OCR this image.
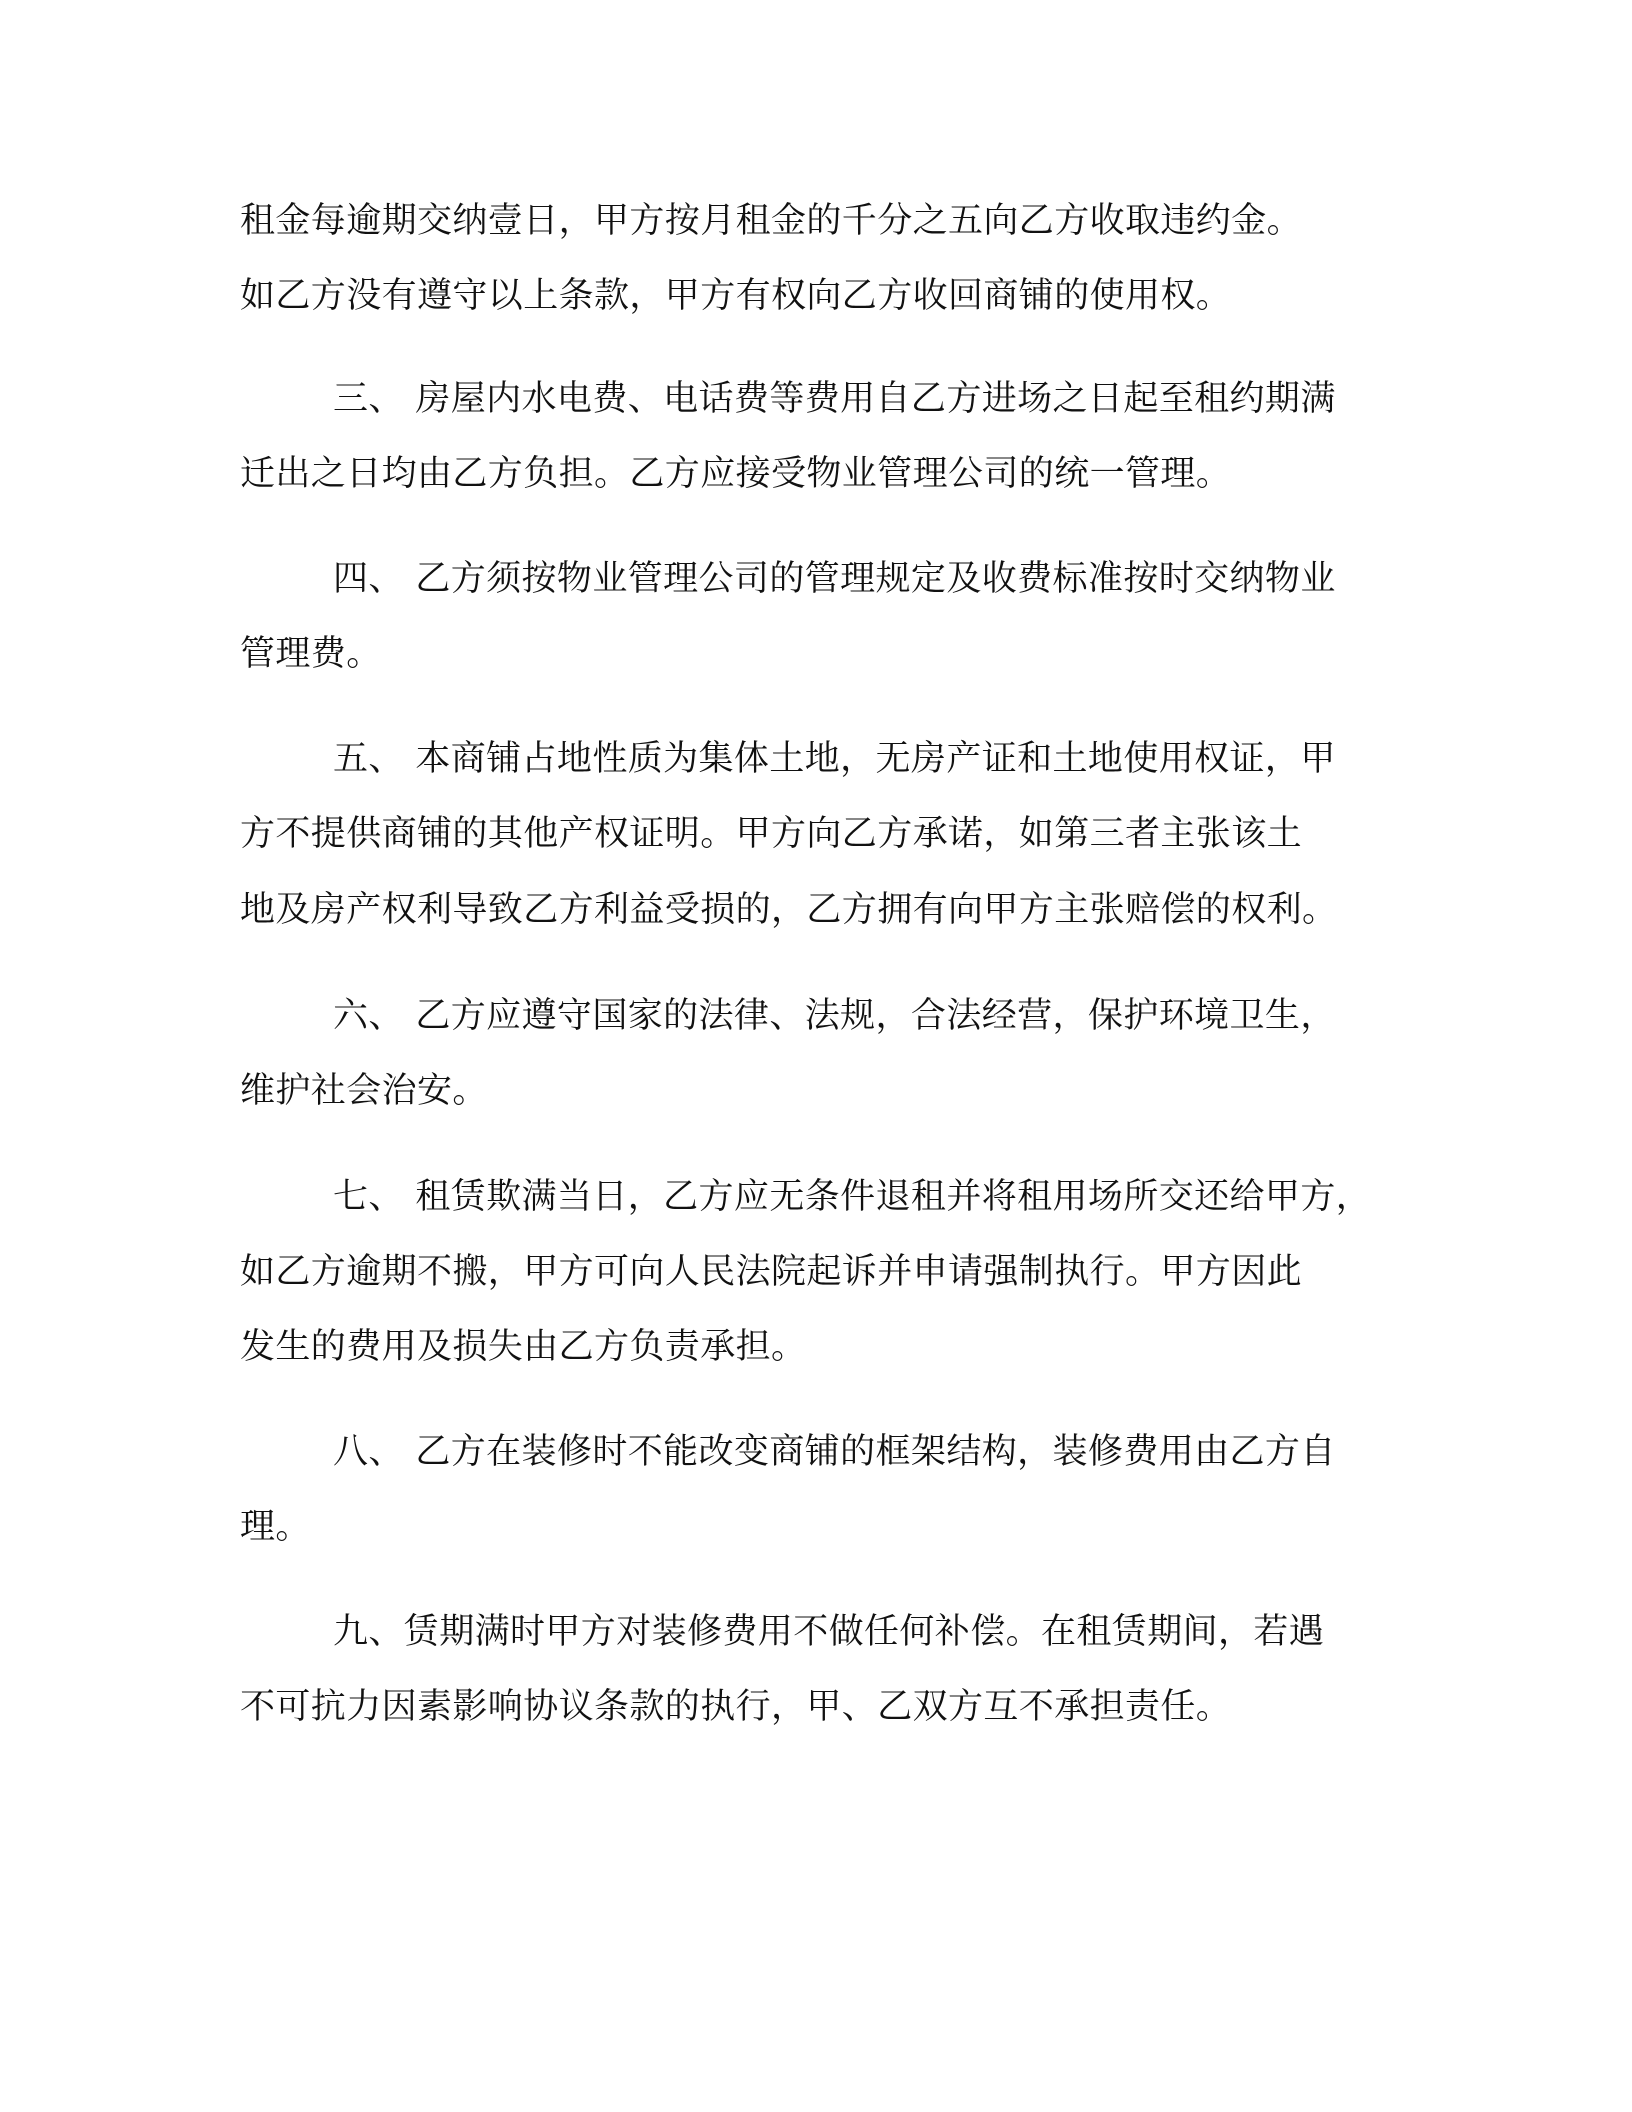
租金每逾期交纳壹日，甲方按月租金的千分之五向乙方收取违约金。
如乙方没有遵守以上条款，甲方有权向乙方收回商铺的使用权。
三、 房屋内水电费、电话费等费用自乙方进场之日起至租约期满
迁出之日均由乙方负担。乙方应接受物业管理公司的统一管理。
四、 乙方须按物业管理公司的管理规定及收费标准按时交纳物业
管理费。
五、 本商铺占地性质为集体土地，无房产证和土地使用权证，甲
方不提供商铺的其他产权证明。甲方向乙方承诺，如第三者主张该土
地及房产权利导致乙方利益受损的，乙方拥有向甲方主张赔偿的权利。
六、 乙方应遵守国家的法律、法规，合法经营，保护环境卫生，
维护社会治安。
七、 租赁欺满当日，乙方应无条件退租并将租用场所交还给甲方，
如乙方逾期不搬，甲方可向人民法院起诉并申请强制执行。甲方因此
发生的费用及损失由乙方负责承担。
八、 乙方在装修时不能改变商铺的框架结构，装修费用由乙方自
理。
九、赁期满时甲方对装修费用不做任何补偿。在租赁期间，若遇
不可抗力因素影响协议条款的执行，甲、乙双方互不承担责任。
